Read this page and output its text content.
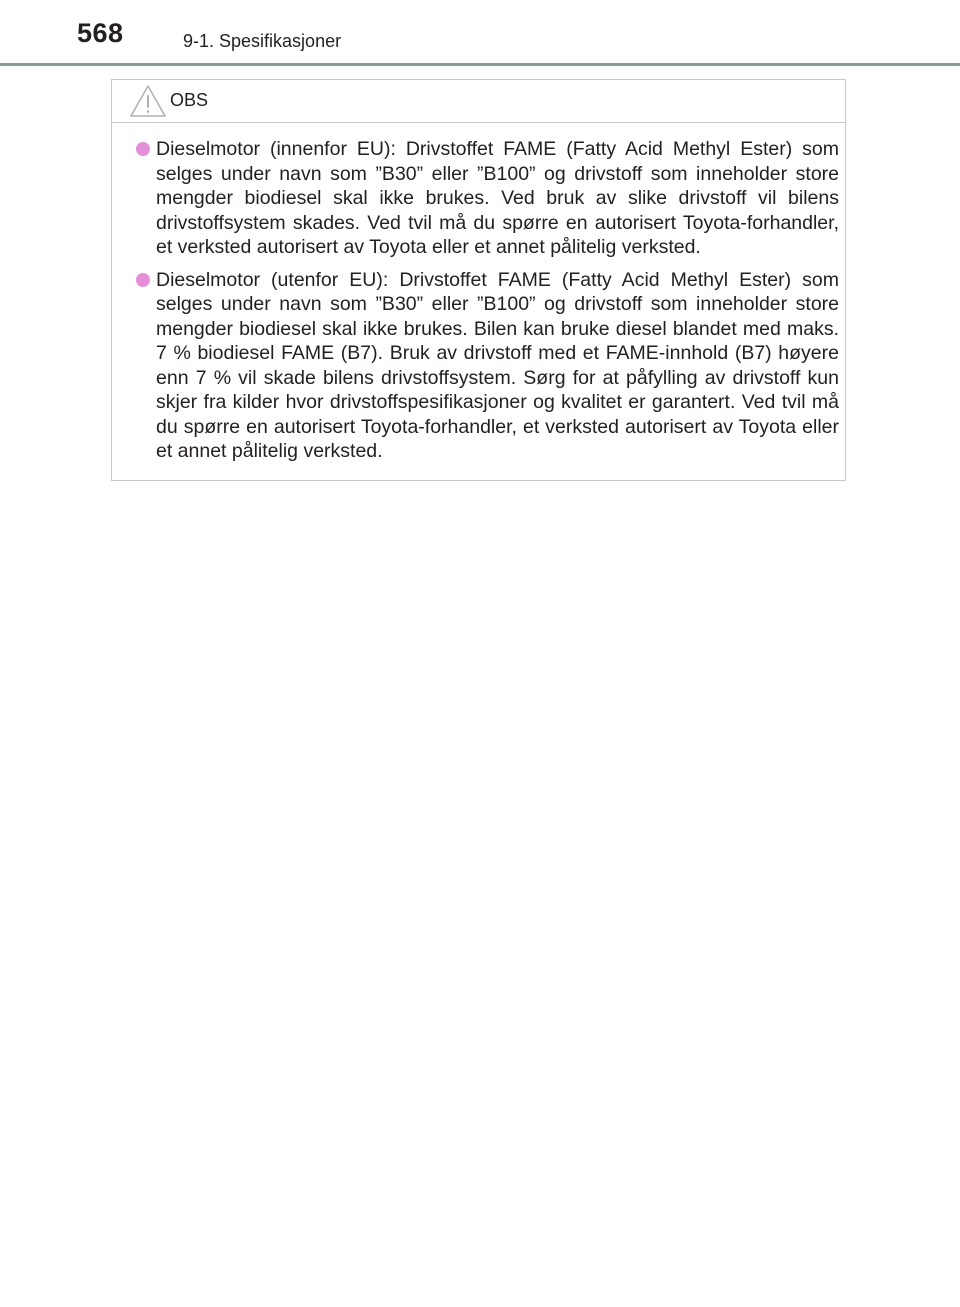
568	9-1. Spesifikasjoner
OBS
Dieselmotor (innenfor EU): Drivstoffet FAME (Fatty Acid Methyl Ester) som selges under navn som ”B30” eller ”B100” og drivstoff som inneholder store mengder biodiesel skal ikke brukes. Ved bruk av slike drivstoff vil bilens drivstoffsystem skades. Ved tvil må du spørre en autorisert Toyota-forhandler, et verksted autorisert av Toyota eller et annet pålitelig verksted.
Dieselmotor (utenfor EU): Drivstoffet FAME (Fatty Acid Methyl Ester) som selges under navn som ”B30” eller ”B100” og drivstoff som inneholder store mengder biodiesel skal ikke brukes. Bilen kan bruke diesel blandet med maks. 7 % biodiesel FAME (B7). Bruk av drivstoff med et FAME-innhold (B7) høyere enn 7 % vil skade bilens drivstoffsystem. Sørg for at påfylling av drivstoff kun skjer fra kilder hvor drivstoffspesifikasjoner og kvalitet er garantert. Ved tvil må du spørre en autorisert Toyota-forhandler, et verksted autorisert av Toyota eller et annet pålitelig verksted.
